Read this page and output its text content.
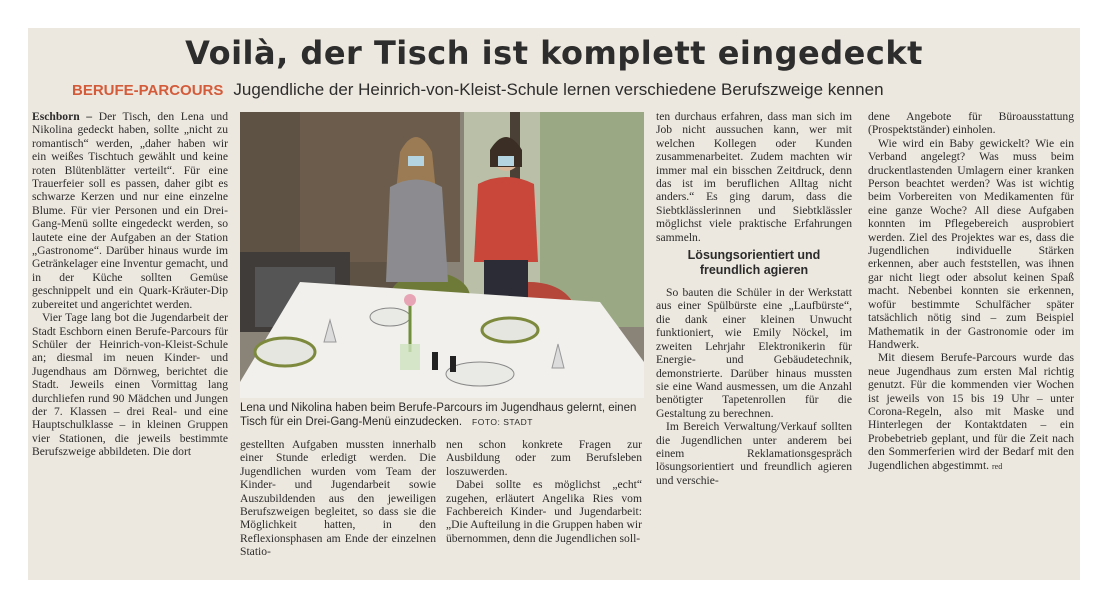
Voilà, der Tisch ist komplett eingedeckt
BERUFE-PARCOURS Jugendliche der Heinrich-von-Kleist-Schule lernen verschiedene Berufszweige kennen

Eschborn – Der Tisch, den Lena und Nikolina gedeckt haben, sollte „nicht zu romantisch“ werden, „daher haben wir ein weißes Tischtuch gewählt und keine roten Blütenblätter verteilt“. Für eine Trauerfeier soll es passen, daher gibt es schwarze Kerzen und nur eine einzelne Blume. Für vier Personen und ein Drei-Gang-Menü sollte eingedeckt werden, so lautete eine der Aufgaben an der Station „Gastronome“. Darüber hinaus wurde im Getränkelager eine Inventur gemacht, und in der Küche sollten Gemüse geschnippelt und ein Quark-Kräuter-Dip zubereitet und angerichtet werden.

Vier Tage lang bot die Jugendarbeit der Stadt Eschborn einen Berufe-Parcours für Schüler der Heinrich-von-Kleist-Schule an; diesmal im neuen Kinder- und Jugendhaus am Dörnweg, berichtet die Stadt. Jeweils einen Vormittag lang durchliefen rund 90 Mädchen und Jungen der 7. Klassen – drei Real- und eine Hauptschulklasse – in kleinen Gruppen vier Stationen, die jeweils bestimmte Berufszweige abbildeten. Die dort

Lena und Nikolina haben beim Berufe-Parcours im Jugendhaus gelernt, einen Tisch für ein Drei-Gang-Menü einzudecken. FOTO: STADT

gestellten Aufgaben mussten innerhalb einer Stunde erledigt werden. Die Jugendlichen wurden vom Team der Kinder- und Jugendarbeit sowie Auszubildenden aus den jeweiligen Berufszweigen begleitet, so dass sie die Möglichkeit hatten, in den Reflexionsphasen am Ende der einzelnen Statio-

nen schon konkrete Fragen zur Ausbildung oder zum Berufsleben loszuwerden.

Dabei sollte es möglichst „echt“ zugehen, erläutert Angelika Ries vom Fachbereich Kinder- und Jugendarbeit: „Die Aufteilung in die Gruppen haben wir übernommen, denn die Jugendlichen soll-

ten durchaus erfahren, dass man sich im Job nicht aussuchen kann, wer mit welchen Kollegen oder Kunden zusammenarbeitet. Zudem machten wir immer mal ein bisschen Zeitdruck, denn das ist im beruflichen Alltag nicht anders.“ Es ging darum, dass die Siebtklässlerinnen und Siebtklässler möglichst viele praktische Erfahrungen sammeln.

Lösungsorientiert und freundlich agieren

So bauten die Schüler in der Werkstatt aus einer Spülbürste eine „Laufbürste“, die dank einer kleinen Unwucht funktioniert, wie Emily Nöckel, im zweiten Lehrjahr Elektronikerin für Energie- und Gebäudetechnik, demonstrierte. Darüber hinaus mussten sie eine Wand ausmessen, um die Anzahl benötigter Tapetenrollen für die Gestaltung zu berechnen.

Im Bereich Verwaltung/Verkauf sollten die Jugendlichen unter anderem bei einem Reklamationsgespräch lösungsorientiert und freundlich agieren und verschie-

dene Angebote für Büroausstattung (Prospektständer) einholen.

Wie wird ein Baby gewickelt? Wie ein Verband angelegt? Was muss beim druckentlastenden Umlagern einer kranken Person beachtet werden? Was ist wichtig beim Vorbereiten von Medikamenten für eine ganze Woche? All diese Aufgaben konnten im Pflegebereich ausprobiert werden. Ziel des Projektes war es, dass die Jugendlichen individuelle Stärken erkennen, aber auch feststellen, was ihnen gar nicht liegt oder absolut keinen Spaß macht. Nebenbei konnten sie erkennen, wofür bestimmte Schulfächer später tatsächlich nötig sind – zum Beispiel Mathematik in der Gastronomie oder im Handwerk.

Mit diesem Berufe-Parcours wurde das neue Jugendhaus zum ersten Mal richtig genutzt. Für die kommenden vier Wochen ist jeweils von 15 bis 19 Uhr – unter Corona-Regeln, also mit Maske und Hinterlegen der Kontaktdaten – ein Probebetrieb geplant, und für die Zeit nach den Sommerferien wird der Bedarf mit den Jugendlichen abgestimmt. red
